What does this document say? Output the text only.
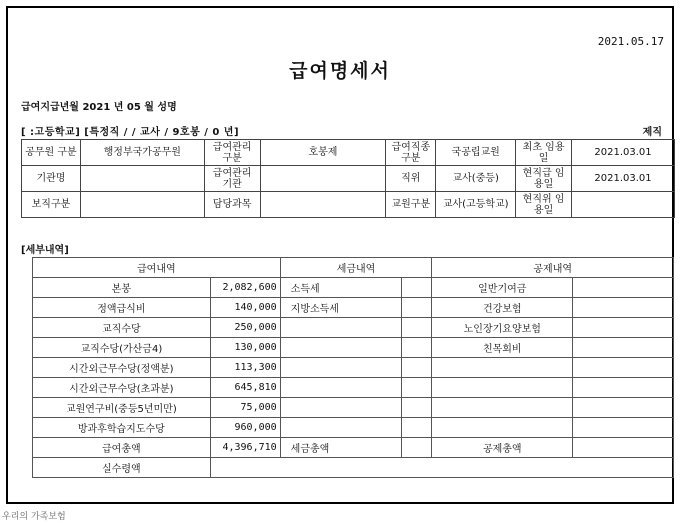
2021.05.17
급여명세서
급여지급년월 2021 년 05 월 성명
[ :고등학교] [특정직 / / 교사 / 9호봉 / 0 년]	제직
공무원 구분	행정부국가공무원	급여관리 구분	호봉제	급여직종 구분	국공립교원	최초 임용일	2021.03.01
기관명		급여관리 기관		직위	교사(중등)	현직급 임용일	2021.03.01
보직구분		담당과목		교원구분	교사(고등학교)	현직위 임용일	
[세부내역]
급여내역		세금내역		공제내역	
본봉	2,082,600	소득세		일반기여금	
정액급식비	140,000	지방소득세		건강보험	
교직수당	250,000			노인장기요양보험	
교직수당(가산금4)	130,000			친목회비	
시간외근무수당(정액분)	113,300				
시간외근무수당(초과분)	645,810				
교원연구비(중등5년미만)	75,000				
방과후학습지도수당	960,000				
급여총액	4,396,710	세금총액		공제총액	
실수령액					
우리의 가족보험
